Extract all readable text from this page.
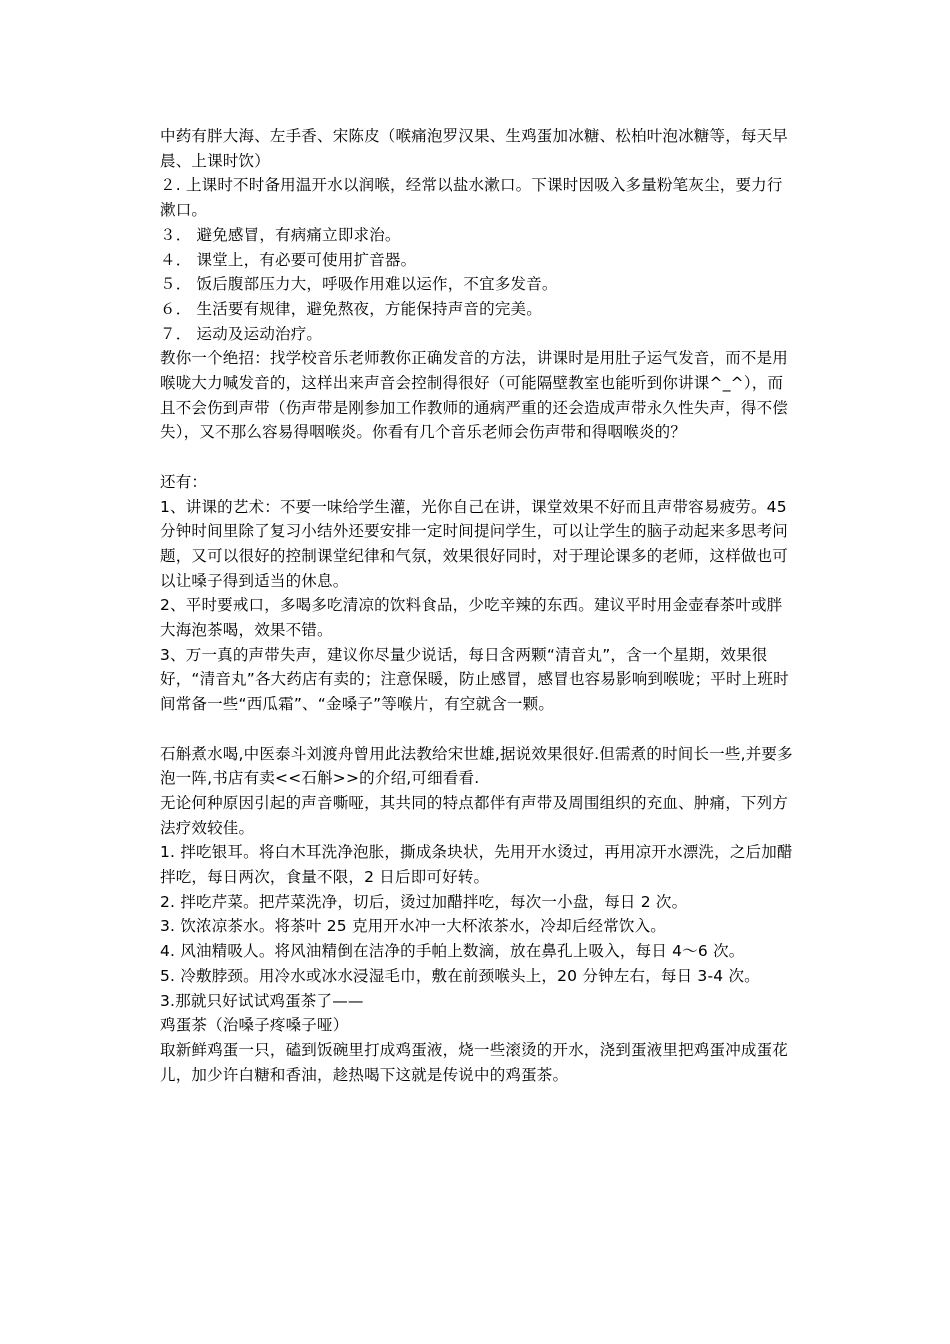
中药有胖大海、左手香、宋陈皮（喉痛泡罗汉果、生鸡蛋加冰糖、松柏叶泡冰糖等，每天早晨、上课时饮）

２. 上课时不时备用温开水以润喉，经常以盐水漱口。下课时因吸入多量粉笔灰尘，要力行漱口。

３． 避免感冒，有病痛立即求治。

４． 课堂上，有必要可使用扩音器。

５． 饭后腹部压力大，呼吸作用难以运作，不宜多发音。

６． 生活要有规律，避免熬夜，方能保持声音的完美。

７． 运动及运动治疗。

教你一个绝招：找学校音乐老师教你正确发音的方法，讲课时是用肚子运气发音，而不是用喉咙大力喊发音的，这样出来声音会控制得很好（可能隔壁教室也能听到你讲课^_^），而且不会伤到声带（伤声带是刚参加工作教师的通病严重的还会造成声带永久性失声，得不偿失），又不那么容易得咽喉炎。你看有几个音乐老师会伤声带和得咽喉炎的？

还有：

1、讲课的艺术：不要一味给学生灌，光你自己在讲，课堂效果不好而且声带容易疲劳。45 分钟时间里除了复习小结外还要安排一定时间提问学生，可以让学生的脑子动起来多思考问题，又可以很好的控制课堂纪律和气氛，效果很好同时，对于理论课多的老师，这样做也可以让嗓子得到适当的休息。

2、平时要戒口，多喝多吃清凉的饮料食品，少吃辛辣的东西。建议平时用金壶春茶叶或胖大海泡茶喝，效果不错。

3、万一真的声带失声，建议你尽量少说话，每日含两颗“清音丸”，含一个星期，效果很好，“清音丸”各大药店有卖的；注意保暖，防止感冒，感冒也容易影响到喉咙；平时上班时间常备一些“西瓜霜”、“金嗓子”等喉片，有空就含一颗。

石斛煮水喝,中医泰斗刘渡舟曾用此法教给宋世雄,据说效果很好.但需煮的时间长一些,并要多泡一阵,书店有卖<<石斛>>的介绍,可细看看.

无论何种原因引起的声音嘶哑，其共同的特点都伴有声带及周围组织的充血、肿痛，下列方法疗效较佳。

1. 拌吃银耳。将白木耳洗净泡胀，撕成条块状，先用开水烫过，再用凉开水漂洗，之后加醋拌吃，每日两次，食量不限，2 日后即可好转。

2. 拌吃芹菜。把芹菜洗净，切后，烫过加醋拌吃，每次一小盘，每日 2 次。

3. 饮浓凉茶水。将茶叶 25 克用开水冲一大杯浓茶水，冷却后经常饮入。

4. 风油精吸人。将风油精倒在洁净的手帕上数滴，放在鼻孔上吸入，每日 4～6 次。

5. 冷敷脖颈。用冷水或冰水浸湿毛巾，敷在前颈喉头上，20 分钟左右，每日 3-4 次。

3.那就只好试试鸡蛋茶了——

鸡蛋茶（治嗓子疼嗓子哑）

取新鲜鸡蛋一只，磕到饭碗里打成鸡蛋液，烧一些滚烫的开水，浇到蛋液里把鸡蛋冲成蛋花儿，加少许白糖和香油，趁热喝下这就是传说中的鸡蛋茶。
